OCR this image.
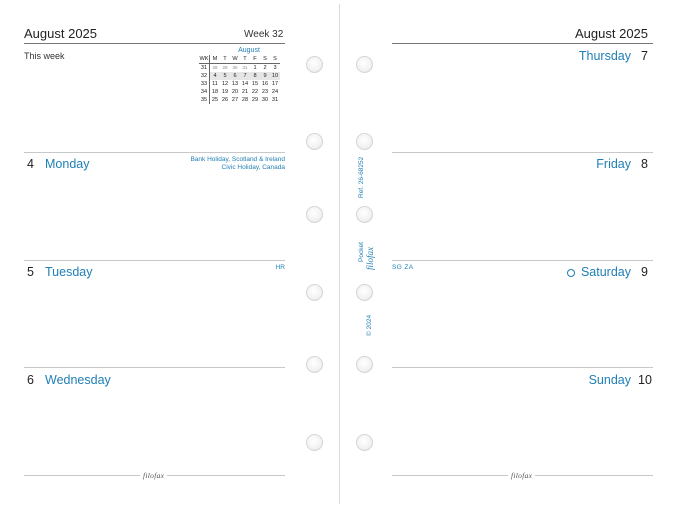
August 2025	Week 32
This week
August
WK	M	T	W	T	F	S	S
31	28	29	30	31	1	2	3
32	4	5	6	7	8	9	10
33	11	12	13	14	15	16	17
34	18	19	20	21	22	23	24
35	25	26	27	28	29	30	31
4 Monday	Bank Holiday, Scotland & Ireland
Civic Holiday, Canada
5 Tuesday	HR
6 Wednesday
filofax
Ref. 26-68252
Pocket filofax
© 2024
August 2025
Thursday 7
Friday 8
SG ZA	Saturday 9
Sunday 10
filofax
